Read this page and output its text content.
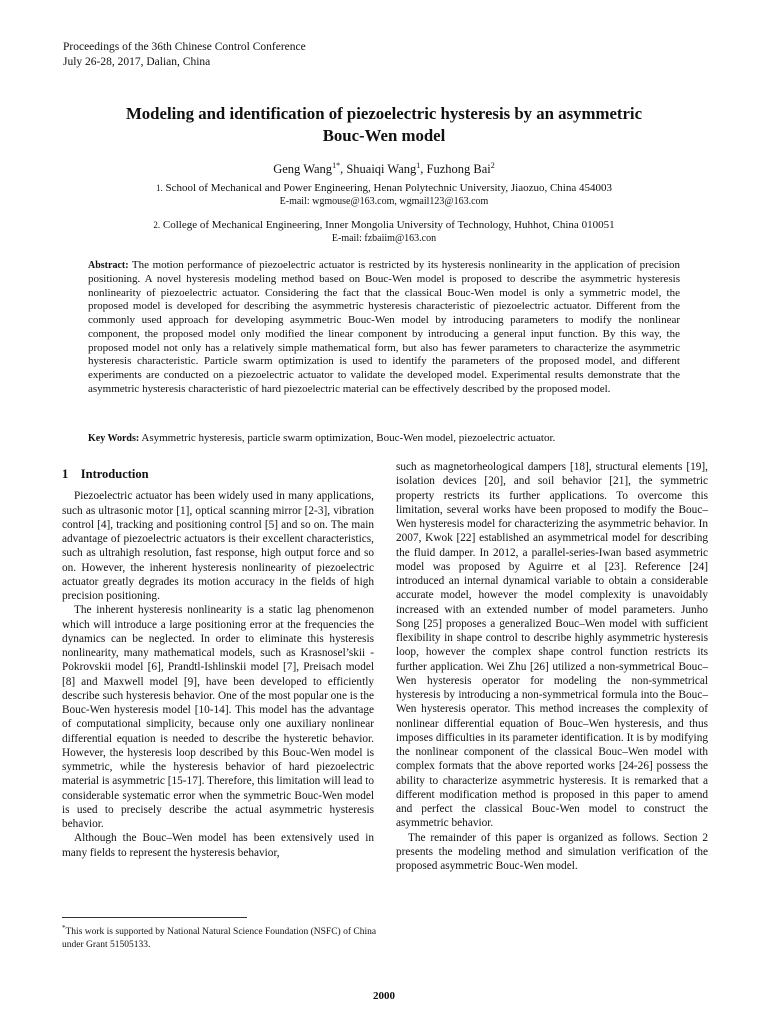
Proceedings of the 36th Chinese Control Conference
July 26-28, 2017, Dalian, China
Modeling and identification of piezoelectric hysteresis by an asymmetric
Bouc-Wen model
Geng Wang$^{1*}$, Shuaiqi Wang$^1$, Fuzhong Bai$^2$
1. School of Mechanical and Power Engineering, Henan Polytechnic University, Jiaozuo, China 454003
E-mail: wgmouse@163.com, wgmail123@163.com
2. College of Mechanical Engineering, Inner Mongolia University of Technology, Huhhot, China 010051
E-mail: fzbaiim@163.con

Abstract: The motion performance of piezoelectric actuator is restricted by its hysteresis nonlinearity in the application of precision positioning. A novel hysteresis modeling method based on Bouc-Wen model is proposed to describe the asymmetric hysteresis nonlinearity of piezoelectric actuator. Considering the fact that the classical Bouc-Wen model is only a symmetric model, the proposed model is developed for describing the asymmetric hysteresis characteristic of piezoelectric actuator. Different from the commonly used approach for developing asymmetric Bouc-Wen model by introducing parameters to modify the nonlinear component, the proposed model only modified the linear component by introducing a general input function. By this way, the proposed model not only has a relatively simple mathematical form, but also has fewer parameters to characterize the asymmetric hysteresis characteristic. Particle swarm optimization is used to identify the parameters of the proposed model, and different experiments are conducted on a piezoelectric actuator to validate the developed model. Experimental results demonstrate that the asymmetric hysteresis characteristic of hard piezoelectric material can be effectively described by the proposed model.

Key Words: Asymmetric hysteresis, particle swarm optimization, Bouc-Wen model, piezoelectric actuator.

1    Introduction

Piezoelectric actuator has been widely used in many applications, such as ultrasonic motor [1], optical scanning mirror [2-3], vibration control [4], tracking and positioning control [5] and so on. The main advantage of piezoelectric actuators is their excellent characteristics, such as ultrahigh resolution, fast response, high output force and so on. However, the inherent hysteresis nonlinearity of piezoelectric actuator greatly degrades its motion accuracy in the fields of high precision positioning.

The inherent hysteresis nonlinearity is a static lag phenomenon which will introduce a large positioning error at the frequencies the dynamics can be neglected. In order to eliminate this hysteresis nonlinearity, many mathematical models, such as Krasnosel’skii - Pokrovskii model [6], Prandtl-Ishlinskii model [7], Preisach model [8] and Maxwell model [9], have been developed to efficiently describe such hysteresis behavior. One of the most popular one is the Bouc-Wen hysteresis model [10-14]. This model has the advantage of computational simplicity, because only one auxiliary nonlinear differential equation is needed to describe the hysteretic behavior. However, the hysteresis loop described by this Bouc-Wen model is symmetric, while the hysteresis behavior of hard piezoelectric material is asymmetric [15-17]. Therefore, this limitation will lead to considerable systematic error when the symmetric Bouc-Wen model is used to precisely describe the actual asymmetric hysteresis behavior.

Although the Bouc–Wen model has been extensively used in many fields to represent the hysteresis behavior,

such as magnetorheological dampers [18], structural elements [19], isolation devices [20], and soil behavior [21], the symmetric property restricts its further applications. To overcome this limitation, several works have been proposed to modify the Bouc–Wen hysteresis model for characterizing the asymmetric behavior. In 2007, Kwok [22] established an asymmetrical model for describing the fluid damper. In 2012, a parallel-series-Iwan based asymmetric model was proposed by Aguirre et al [23]. Reference [24] introduced an internal dynamical variable to obtain a considerable accurate model, however the model complexity is unavoidably increased with an extended number of model parameters. Junho Song [25] proposes a generalized Bouc–Wen model with sufficient flexibility in shape control to describe highly asymmetric hysteresis loop, however the complex shape control function restricts its further application. Wei Zhu [26] utilized a non-symmetrical Bouc–Wen hysteresis operator for modeling the non-symmetrical hysteresis by introducing a non-symmetrical formula into the Bouc–Wen hysteresis operator. This method increases the complexity of nonlinear differential equation of Bouc–Wen hysteresis, and thus imposes difficulties in its parameter identification. It is by modifying the nonlinear component of the classical Bouc–Wen model with complex formats that the above reported works [24-26] possess the ability to characterize asymmetric hysteresis. It is remarked that a different modification method is proposed in this paper to amend and perfect the classical Bouc-Wen model to construct the asymmetric behavior.

The remainder of this paper is organized as follows. Section 2 presents the modeling method and simulation verification of the proposed asymmetric Bouc-Wen model.

*This work is supported by National Natural Science Foundation (NSFC) of China under Grant 51505133.
2000
